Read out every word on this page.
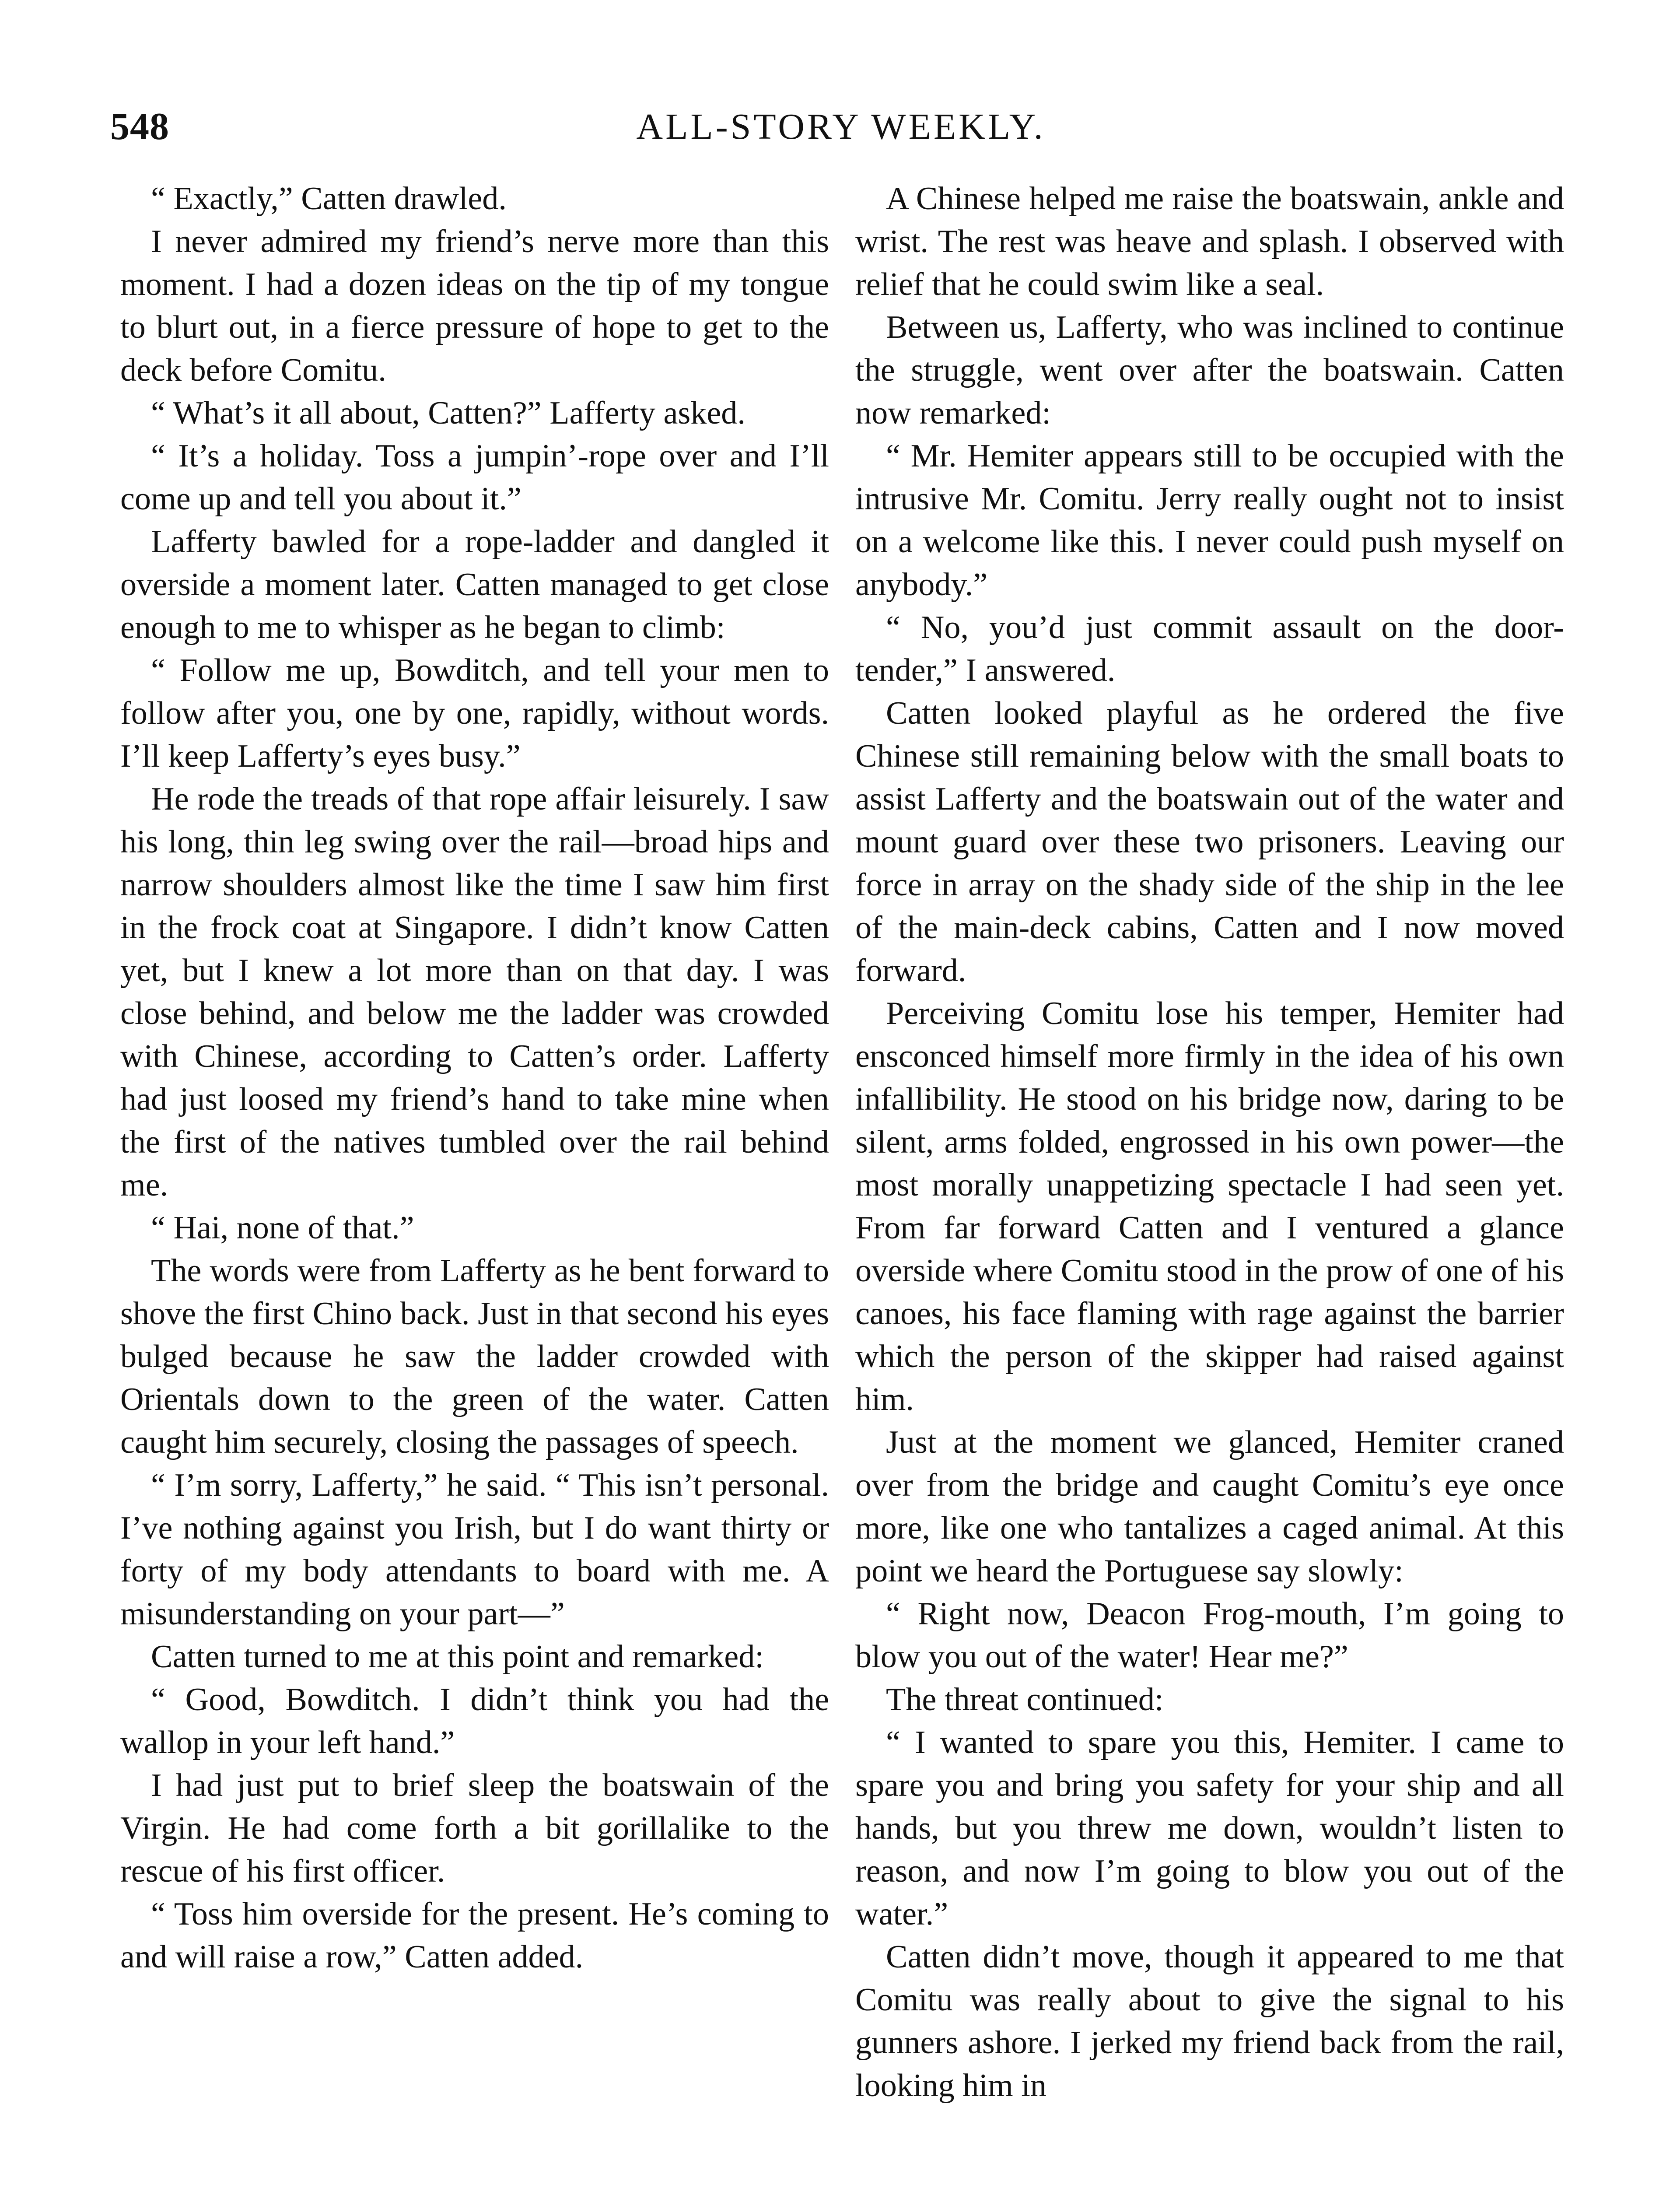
548	ALL-STORY WEEKLY.

“ Exactly,” Catten drawled.

I never admired my friend’s nerve more than this moment. I had a dozen ideas on the tip of my tongue to blurt out, in a fierce pressure of hope to get to the deck before Comitu.

“ What’s it all about, Catten?” Lafferty asked.

“ It’s a holiday. Toss a jumpin’-rope over and I’ll come up and tell you about it.”

Lafferty bawled for a rope-ladder and dangled it overside a moment later. Catten managed to get close enough to me to whisper as he began to climb:

“ Follow me up, Bowditch, and tell your men to follow after you, one by one, rapidly, without words. I’ll keep Lafferty’s eyes busy.”

He rode the treads of that rope affair leisurely. I saw his long, thin leg swing over the rail—broad hips and narrow shoulders almost like the time I saw him first in the frock coat at Singapore. I didn’t know Catten yet, but I knew a lot more than on that day. I was close behind, and below me the ladder was crowded with Chinese, according to Catten’s order. Lafferty had just loosed my friend’s hand to take mine when the first of the natives tumbled over the rail behind me.

“ Hai, none of that.”

The words were from Lafferty as he bent forward to shove the first Chino back. Just in that second his eyes bulged because he saw the ladder crowded with Orientals down to the green of the water. Catten caught him securely, closing the passages of speech.

“ I’m sorry, Lafferty,” he said. “ This isn’t personal. I’ve nothing against you Irish, but I do want thirty or forty of my body attendants to board with me. A misunderstanding on your part—”

Catten turned to me at this point and remarked:

“ Good, Bowditch. I didn’t think you had the wallop in your left hand.”

I had just put to brief sleep the boatswain of the Virgin. He had come forth a bit gorillalike to the rescue of his first officer.

“ Toss him overside for the present. He’s coming to and will raise a row,” Catten added.

A Chinese helped me raise the boatswain, ankle and wrist. The rest was heave and splash. I observed with relief that he could swim like a seal.

Between us, Lafferty, who was inclined to continue the struggle, went over after the boatswain. Catten now remarked:

“ Mr. Hemiter appears still to be occupied with the intrusive Mr. Comitu. Jerry really ought not to insist on a welcome like this. I never could push myself on anybody.”

“ No, you’d just commit assault on the door-tender,” I answered.

Catten looked playful as he ordered the five Chinese still remaining below with the small boats to assist Lafferty and the boatswain out of the water and mount guard over these two prisoners. Leaving our force in array on the shady side of the ship in the lee of the main-deck cabins, Catten and I now moved forward.

Perceiving Comitu lose his temper, Hemiter had ensconced himself more firmly in the idea of his own infallibility. He stood on his bridge now, daring to be silent, arms folded, engrossed in his own power—the most morally unappetizing spectacle I had seen yet. From far forward Catten and I ventured a glance overside where Comitu stood in the prow of one of his canoes, his face flaming with rage against the barrier which the person of the skipper had raised against him.

Just at the moment we glanced, Hemiter craned over from the bridge and caught Comitu’s eye once more, like one who tantalizes a caged animal. At this point we heard the Portuguese say slowly:

“ Right now, Deacon Frog-mouth, I’m going to blow you out of the water! Hear me?”

The threat continued:

“ I wanted to spare you this, Hemiter. I came to spare you and bring you safety for your ship and all hands, but you threw me down, wouldn’t listen to reason, and now I’m going to blow you out of the water.”

Catten didn’t move, though it appeared to me that Comitu was really about to give the signal to his gunners ashore. I jerked my friend back from the rail, looking him in
